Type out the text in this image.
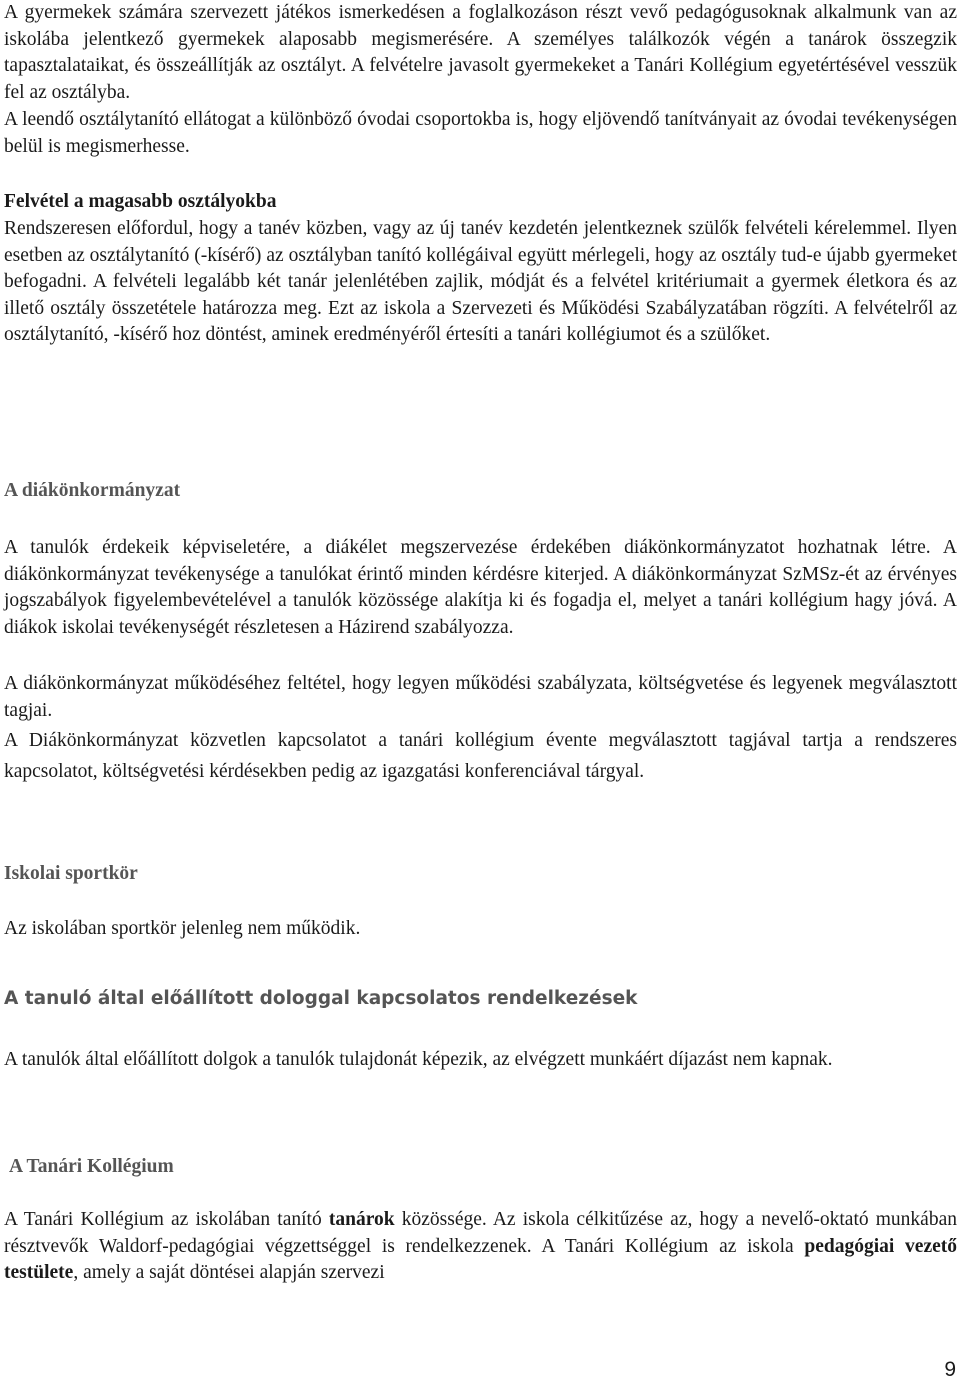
A gyermekek számára szervezett játékos ismerkedésen a foglalkozáson részt vevő pedagógusoknak alkalmunk van az iskolába jelentkező gyermekek alaposabb megismerésére. A személyes találkozók végén a tanárok összegzik tapasztalataikat, és összeállítják az osztályt. A felvételre javasolt gyermekeket a Tanári Kollégium egyetértésével vesszük fel az osztályba.

A leendő osztálytanító ellátogat a különböző óvodai csoportokba is, hogy eljövendő tanítványait az óvodai tevékenységen belül is megismerhesse.

Felvétel a magasabb osztályokba

Rendszeresen előfordul, hogy a tanév közben, vagy az új tanév kezdetén jelentkeznek szülők felvételi kérelemmel. Ilyen esetben az osztálytanító (-kísérő) az osztályban tanító kollégáival együtt mérlegeli, hogy az osztály tud-e újabb gyermeket befogadni. A felvételi legalább két tanár jelenlétében zajlik, módját és a felvétel kritériumait a gyermek életkora és az illető osztály összetétele határozza meg. Ezt az iskola a Szervezeti és Működési Szabályzatában rögzíti. A felvételről az osztálytanító, -kísérő hoz döntést, aminek eredményéről értesíti a tanári kollégiumot és a szülőket.

A diákönkormányzat

A tanulók érdekeik képviseletére, a diákélet megszervezése érdekében diákönkormányzatot hozhatnak létre. A diákönkormányzat tevékenysége a tanulókat érintő minden kérdésre kiterjed. A diákönkormányzat SzMSz-ét az érvényes jogszabályok figyelembevételével a tanulók közössége alakítja ki és fogadja el, melyet a tanári kollégium hagy jóvá. A diákok iskolai tevékenységét részletesen a Házirend szabályozza.

A diákönkormányzat működéséhez feltétel, hogy legyen működési szabályzata, költségvetése és legyenek megválasztott tagjai.

A Diákönkormányzat közvetlen kapcsolatot a tanári kollégium évente megválasztott tagjával tartja a rendszeres kapcsolatot, költségvetési kérdésekben pedig az igazgatási konferenciával tárgyal.

Iskolai sportkör

Az iskolában sportkör jelenleg nem működik.

A tanuló által előállított dologgal kapcsolatos rendelkezések

A tanulók által előállított dolgok a tanulók tulajdonát képezik, az elvégzett munkáért díjazást nem kapnak.

A Tanári Kollégium

A Tanári Kollégium az iskolában tanító tanárok közössége. Az iskola célkitűzése az, hogy a nevelő-oktató munkában résztvevők Waldorf-pedagógiai végzettséggel is rendelkezzenek. A Tanári Kollégium az iskola pedagógiai vezető testülete, amely a saját döntései alapján szervezi

9
